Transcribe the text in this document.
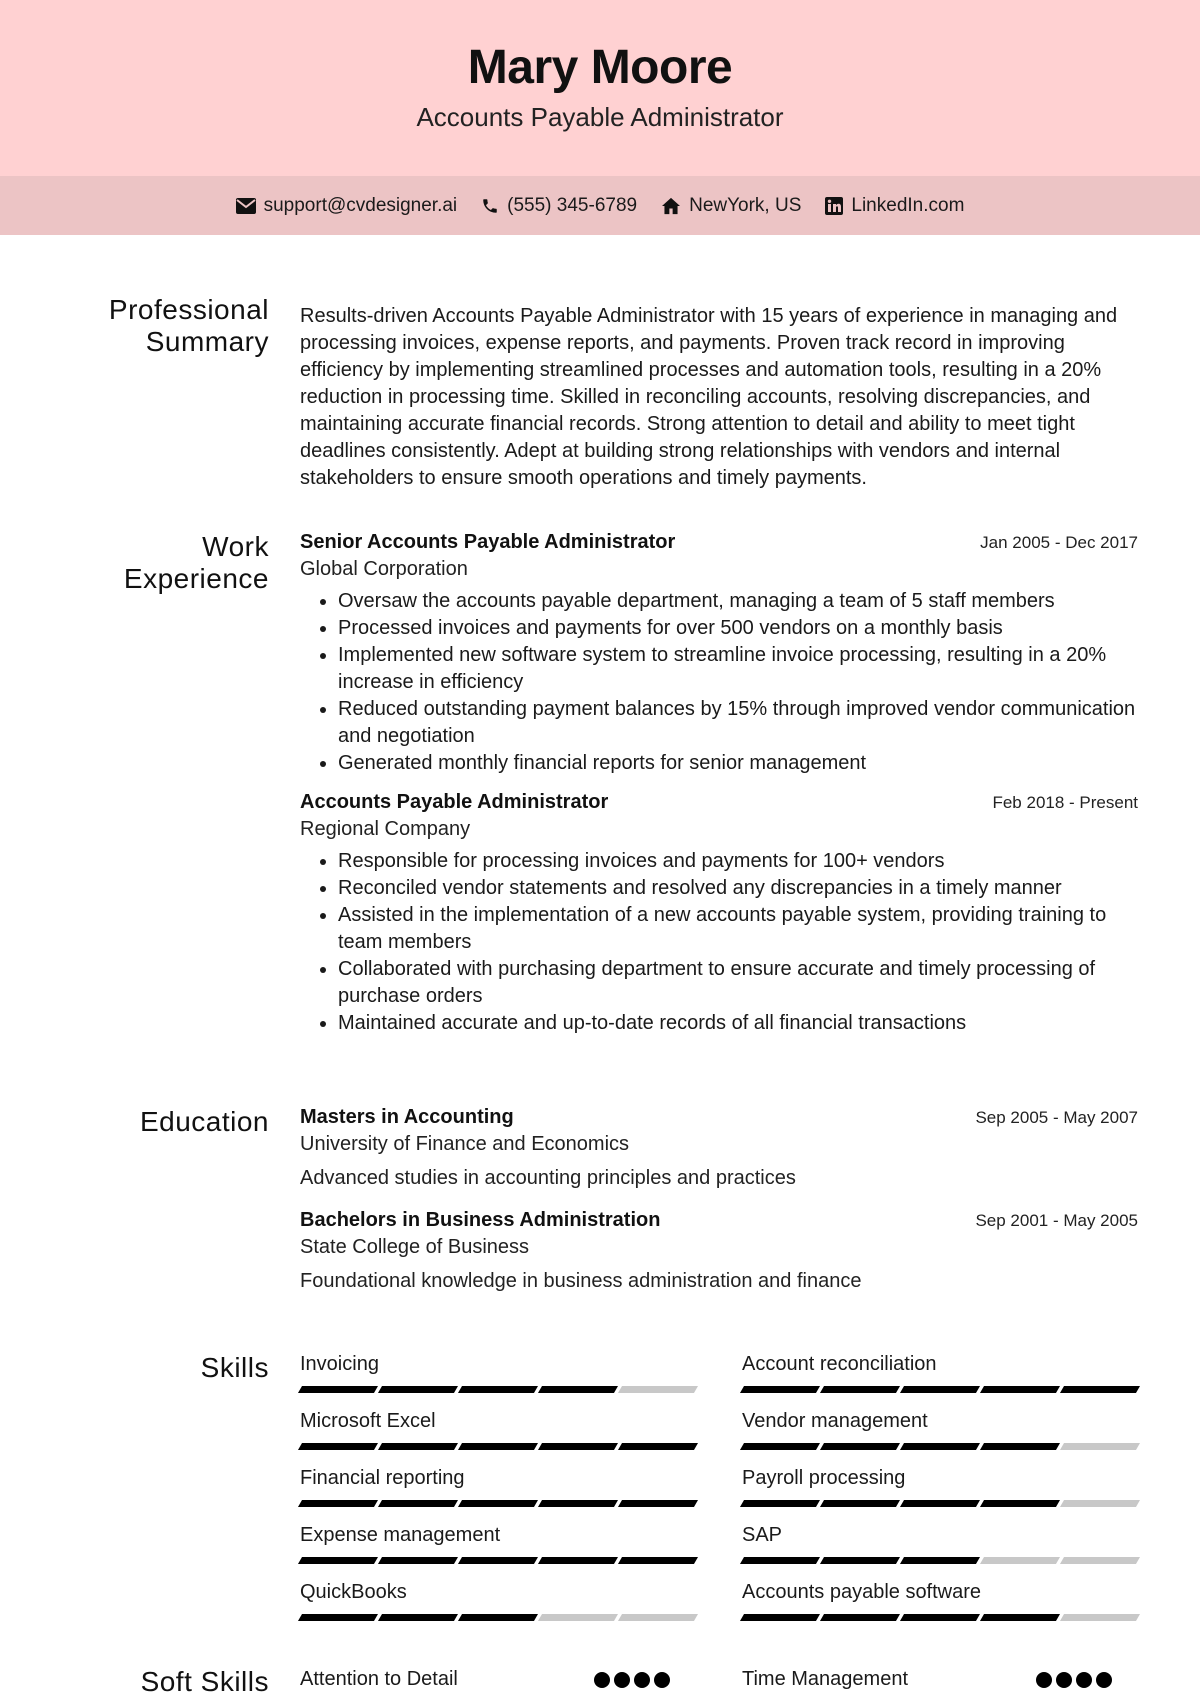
Mary Moore
Accounts Payable Administrator
support@cvdesigner.ai	(555) 345-6789	NewYork, US	LinkedIn.com
Professional
Summary

Results-driven Accounts Payable Administrator with 15 years of experience in managing and processing invoices, expense reports, and payments. Proven track record in improving efficiency by implementing streamlined processes and automation tools, resulting in a 20% reduction in processing time. Skilled in reconciling accounts, resolving discrepancies, and maintaining accurate financial records. Strong attention to detail and ability to meet tight deadlines consistently. Adept at building strong relationships with vendors and internal stakeholders to ensure smooth operations and timely payments.

Work
Experience
Senior Accounts Payable Administrator	Jan 2005 - Dec 2017
Global Corporation
• Oversaw the accounts payable department, managing a team of 5 staff members
• Processed invoices and payments for over 500 vendors on a monthly basis
• Implemented new software system to streamline invoice processing, resulting in a 20% increase in efficiency
• Reduced outstanding payment balances by 15% through improved vendor communication and negotiation
• Generated monthly financial reports for senior management
Accounts Payable Administrator	Feb 2018 - Present
Regional Company
• Responsible for processing invoices and payments for 100+ vendors
• Reconciled vendor statements and resolved any discrepancies in a timely manner
• Assisted in the implementation of a new accounts payable system, providing training to team members
• Collaborated with purchasing department to ensure accurate and timely processing of purchase orders
• Maintained accurate and up-to-date records of all financial transactions
Education Masters in Accounting	Sep 2005 - May 2007
University of Finance and Economics
Advanced studies in accounting principles and practices
Bachelors in Business Administration	Sep 2001 - May 2005
State College of Business
Foundational knowledge in business administration and finance
Skills Invoicing	Account reconciliation
Microsoft Excel	Vendor management
Financial reporting	Payroll processing
Expense management	SAP
QuickBooks	Accounts payable software
Soft Skills Attention to Detail	Time Management
